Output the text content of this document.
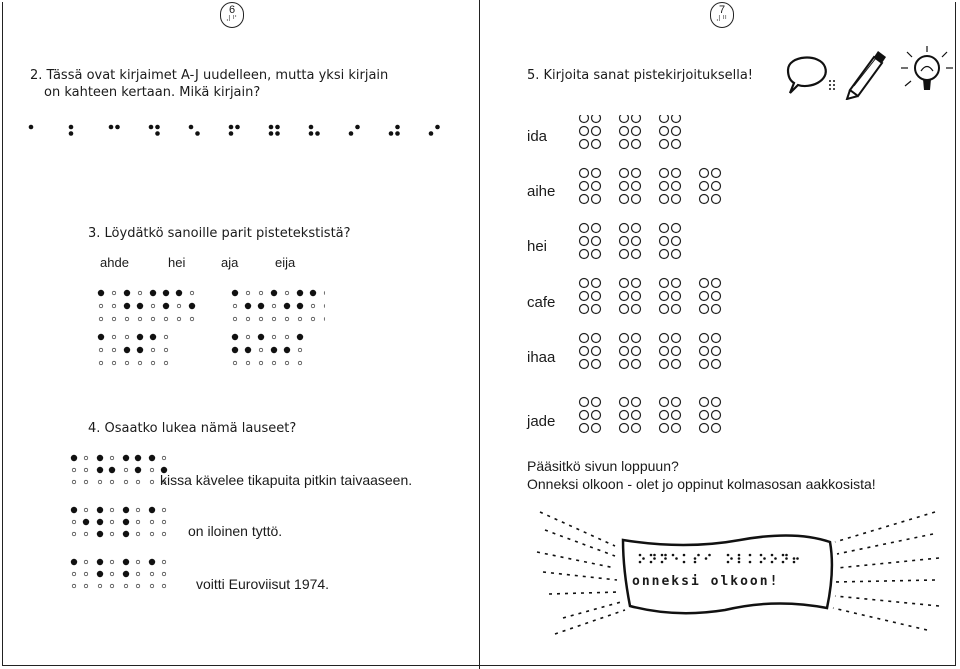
6
⠼⠋
7
⠼⠛
2. Tässä ovat kirjaimet A-J uudelleen, mutta yksi kirjain
on kahteen kertaan. Mikä kirjain?
3. Löydätkö sanoille parit pistetekstistä?
ahde	hei	aja	eija
4. Osaatko lukea nämä lauseet?
kissa kävelee tikapuita pitkin taivaaseen.
on iloinen tyttö.
voitti Euroviisut 1974.
5. Kirjoita sanat pistekirjoituksella!
ida
aihe
hei
cafe
ihaa
jade
Pääsitkö sivun loppuun?
Onneksi olkoon - olet jo oppinut kolmasosan aakkosista!
onneksi olkoon!
